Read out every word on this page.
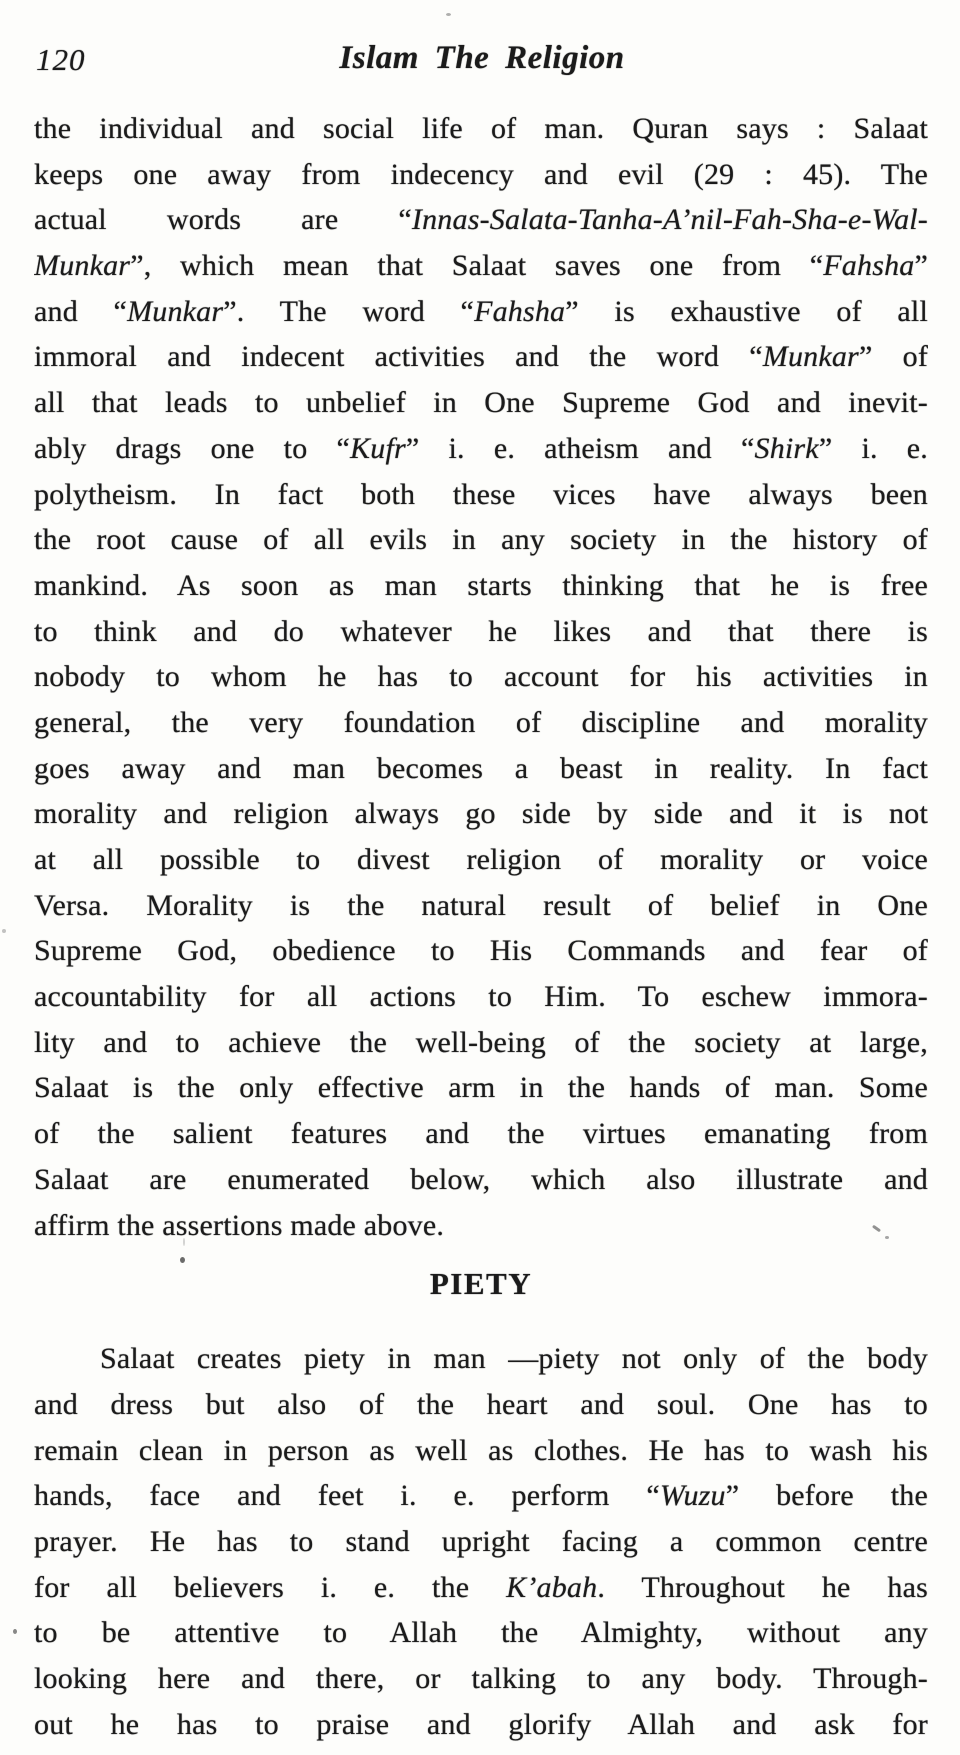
120	Islam The Religion
the individual and social life of man. Quran says : Salaat
keeps one away from indecency and evil (29 : 45). The
actual words are “Innas-Salata-Tanha-A’nil-Fah-Sha-e-Wal-
Munkar”, which mean that Salaat saves one from “Fahsha”
and “Munkar”. The word “Fahsha” is exhaustive of all
immoral and indecent activities and the word “Munkar” of
all that leads to unbelief in One Supreme God and inevit-
ably drags one to “Kufr” i. e. atheism and “Shirk” i. e.
polytheism. In fact both these vices have always been
the root cause of all evils in any society in the history of
mankind. As soon as man starts thinking that he is free
to think and do whatever he likes and that there is
nobody to whom he has to account for his activities in
general, the very foundation of discipline and morality
goes away and man becomes a beast in reality. In fact
morality and religion always go side by side and it is not
at all possible to divest religion of morality or voice
Versa. Morality is the natural result of belief in One
Supreme God, obedience to His Commands and fear of
accountability for all actions to Him. To eschew immora-
lity and to achieve the well-being of the society at large,
Salaat is the only effective arm in the hands of man. Some
of the salient features and the virtues emanating from
Salaat are enumerated below, which also illustrate and
affirm the assertions made above.
PIETY
Salaat creates piety in man —piety not only of the body
and dress but also of the heart and soul. One has to
remain clean in person as well as clothes. He has to wash his
hands, face and feet i. e. perform “Wuzu” before the
prayer. He has to stand upright facing a common centre
for all believers i. e. the K’abah. Throughout he has
to be attentive to Allah the Almighty, without any
looking here and there, or talking to any body. Through-
out he has to praise and glorify Allah and ask for
